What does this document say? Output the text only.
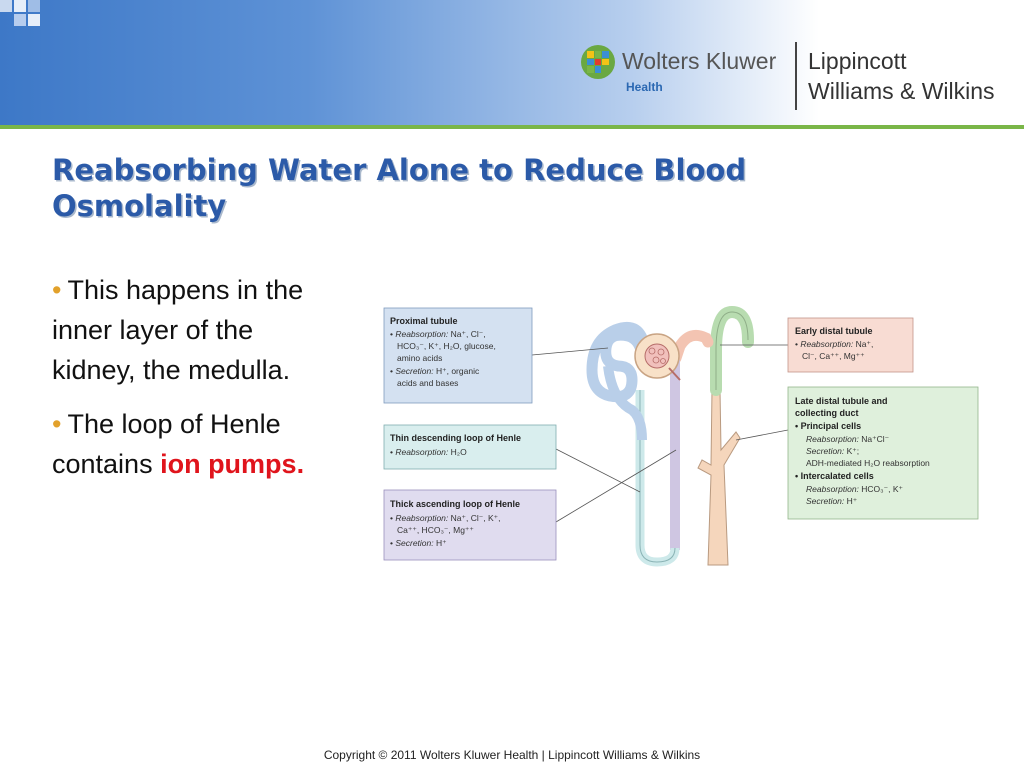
Wolters Kluwer
Health
Lippincott
Williams & Wilkins
Reabsorbing Water Alone to Reduce Blood Osmolality
• This happens in the inner layer of the kidney, the medulla.
• The loop of Henle contains ion pumps.
Proximal tubule
• Reabsorption: Na⁺, Cl⁻,
HCO₃⁻, K⁺, H₂O, glucose,
amino acids
• Secretion: H⁺, organic
acids and bases
Thin descending loop of Henle
• Reabsorption: H₂O
Thick ascending loop of Henle
• Reabsorption: Na⁺, Cl⁻, K⁺,
Ca⁺⁺, HCO₃⁻, Mg⁺⁺
• Secretion: H⁺
Early distal tubule
• Reabsorption: Na⁺,
Cl⁻, Ca⁺⁺, Mg⁺⁺
Late distal tubule and
collecting duct
• Principal cells
Reabsorption: Na⁺Cl⁻
Secretion: K⁺;
ADH-mediated H₂O reabsorption
• Intercalated cells
Reabsorption: HCO₃⁻, K⁺
Secretion: H⁺
Copyright © 2011 Wolters Kluwer Health | Lippincott Williams & Wilkins
